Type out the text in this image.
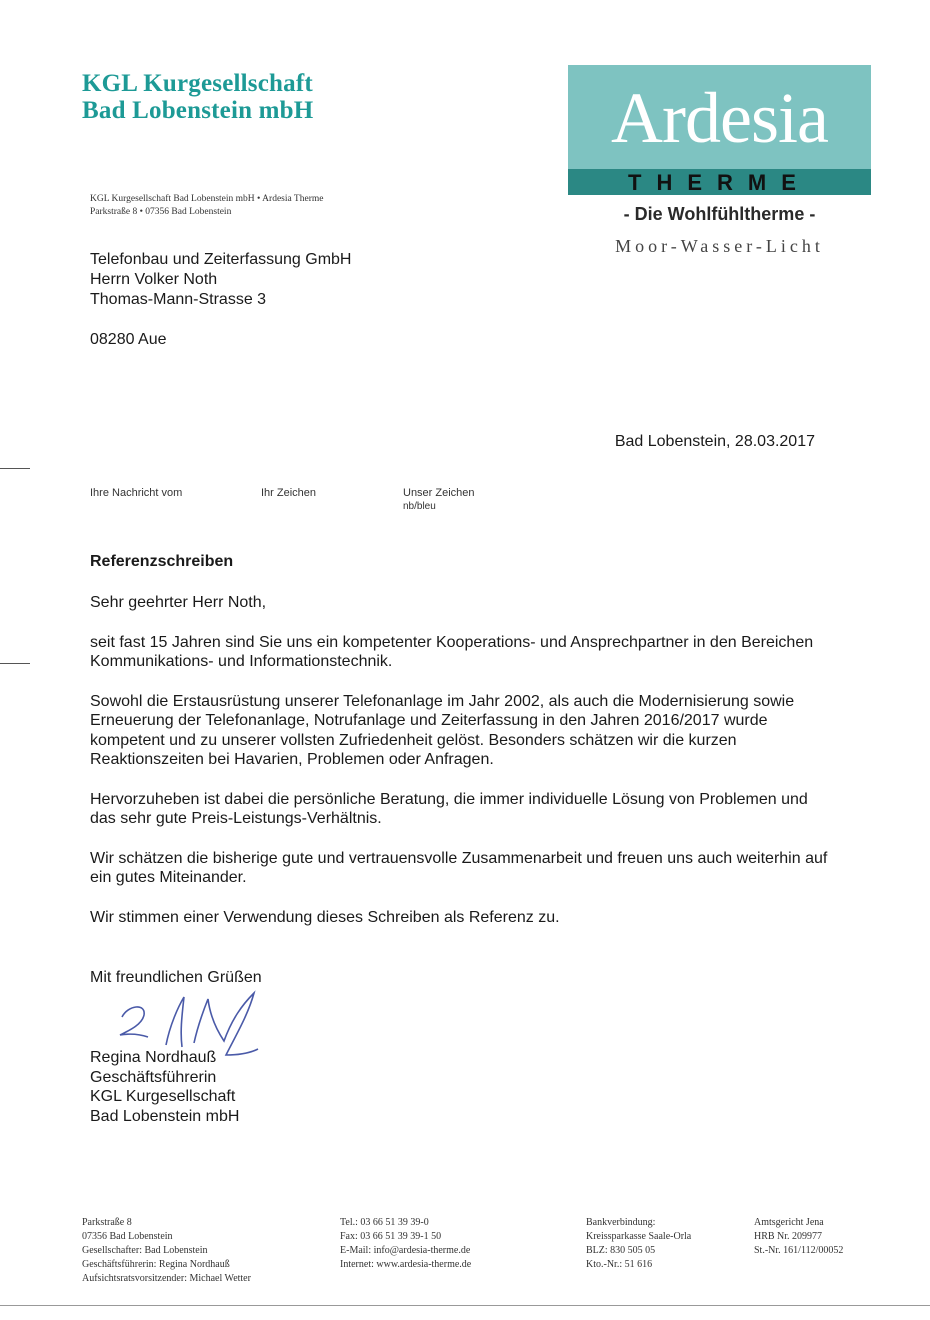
KGL Kurgesellschaft
Bad Lobenstein mbH
KGL Kurgesellschaft Bad Lobenstein mbH • Ardesia Therme
Parkstraße 8 • 07356 Bad Lobenstein
Ardesia
THERME
- Die Wohlfühltherme -
Moor-Wasser-Licht
Telefonbau und Zeiterfassung GmbH
Herrn Volker Noth
Thomas-Mann-Strasse 3
08280 Aue
Bad Lobenstein, 28.03.2017
Ihre Nachricht vom	Ihr Zeichen	Unser Zeichen
nb/bleu
Referenzschreiben

Sehr geehrter Herr Noth,

seit fast 15 Jahren sind Sie uns ein kompetenter Kooperations- und Ansprechpartner in den Bereichen Kommunikations- und Informationstechnik.

Sowohl die Erstausrüstung unserer Telefonanlage im Jahr 2002, als auch die Modernisierung sowie Erneuerung der Telefonanlage, Notrufanlage und Zeiterfassung in den Jahren 2016/2017 wurde kompetent und zu unserer vollsten Zufriedenheit gelöst. Besonders schätzen wir die kurzen Reaktionszeiten bei Havarien, Problemen oder Anfragen.

Hervorzuheben ist dabei die persönliche Beratung, die immer individuelle Lösung von Problemen und das sehr gute Preis-Leistungs-Verhältnis.

Wir schätzen die bisherige gute und vertrauensvolle Zusammenarbeit und freuen uns auch weiterhin auf ein gutes Miteinander.

Wir stimmen einer Verwendung dieses Schreiben als Referenz zu.

Mit freundlichen Grüßen
Regina Nordhauß
Geschäftsführerin
KGL Kurgesellschaft
Bad Lobenstein mbH
Parkstraße 8
07356 Bad Lobenstein
Gesellschafter: Bad Lobenstein
Geschäftsführerin: Regina Nordhauß
Aufsichtsratsvorsitzender: Michael Wetter
Tel.: 03 66 51 39 39-0
Fax: 03 66 51 39 39-1 50
E-Mail: info@ardesia-therme.de
Internet: www.ardesia-therme.de
Bankverbindung:
Kreissparkasse Saale-Orla
BLZ: 830 505 05
Kto.-Nr.: 51 616
Amtsgericht Jena
HRB Nr. 209977
St.-Nr. 161/112/00052
